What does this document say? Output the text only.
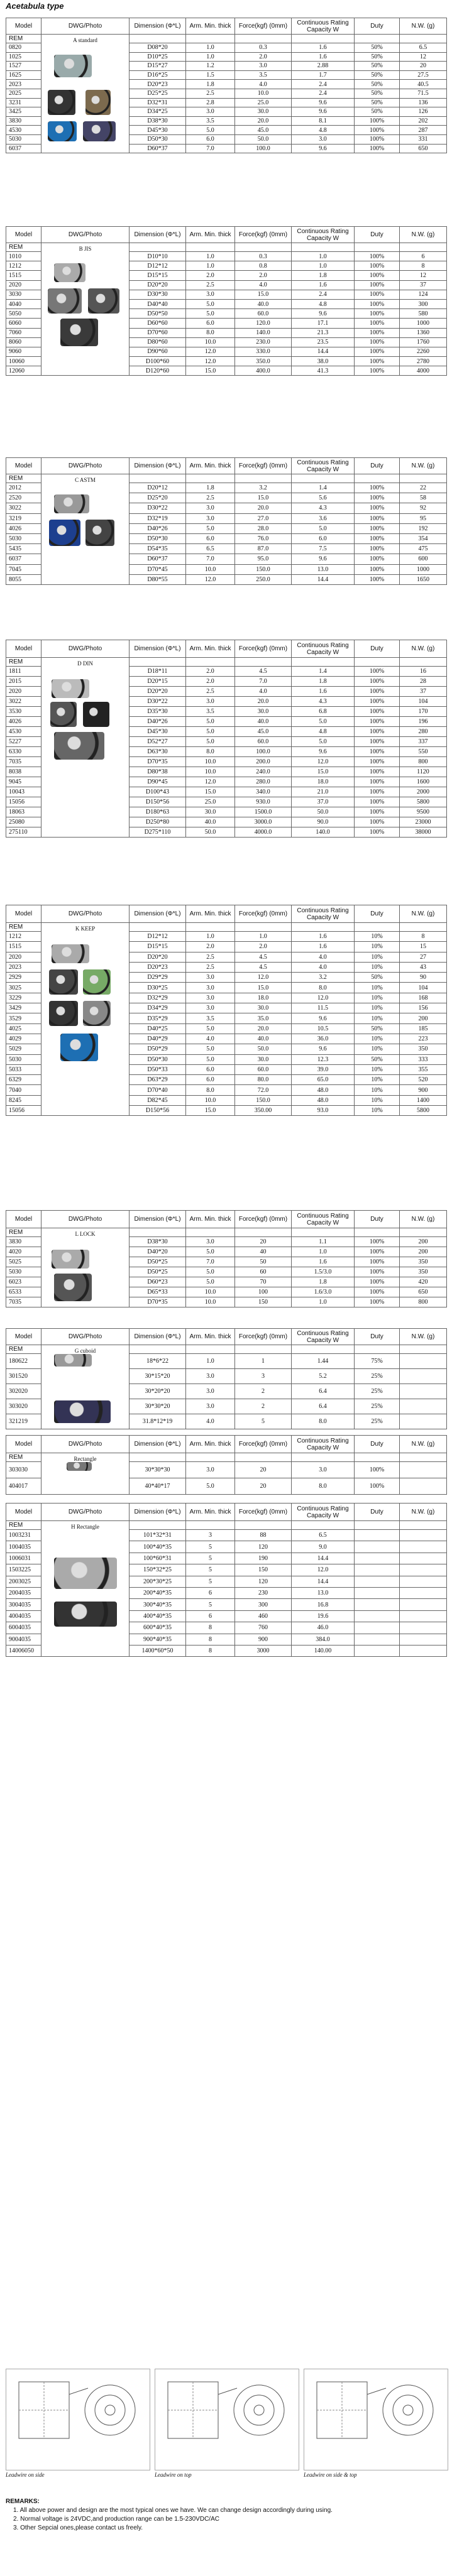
Acetabula type
Model	DWG/Photo	Dimension (Φ*L)	Arm. Min. thick	Force(kgf) (0mm)	Continuous Rating Capacity W	Duty	N.W. (g)
REM	A standard						

0820		D08*20	1.0	0.3	1.6	50%	6.5
1025		D10*25	1.0	2.0	1.6	50%	12
1527		D15*27	1.2	3.0	2.88	50%	20
1625		D16*25	1.5	3.5	1.7	50%	27.5
2023		D20*23	1.8	4.0	2.4	50%	40.5
2025		D25*25	2.5	10.0	2.4	50%	71.5
3231		D32*31	2.8	25.0	9.6	50%	136
3425		D34*25	3.0	30.0	9.6	50%	126
3830		D38*30	3.5	20.0	8.1	100%	202
4530		D45*30	5.0	45.0	4.8	100%	287
5030		D50*30	6.0	50.0	3.0	100%	331
6037		D60*37	7.0	100.0	9.6	100%	650
Model	DWG/Photo	Dimension (Φ*L)	Arm. Min. thick	Force(kgf) (0mm)	Continuous Rating Capacity W	Duty	N.W. (g)
REM	B JIS						

1010		D10*10	1.0	0.3	1.0	100%	6
1212		D12*12	1.0	0.8	1.0	100%	8
1515		D15*15	2.0	2.0	1.8	100%	12
2020		D20*20	2.5	4.0	1.6	100%	37
3030		D30*30	3.0	15.0	2.4	100%	124
4040		D40*40	5.0	40.0	4.8	100%	300
5050		D50*50	5.0	60.0	9.6	100%	580
6060		D60*60	6.0	120.0	17.1	100%	1000
7060		D70*60	8.0	140.0	21.3	100%	1360
8060		D80*60	10.0	230.0	23.5	100%	1760
9060		D90*60	12.0	330.0	14.4	100%	2260
10060		D100*60	12.0	350.0	38.0	100%	2780
12060		D120*60	15.0	400.0	41.3	100%	4000
Model	DWG/Photo	Dimension (Φ*L)	Arm. Min. thick	Force(kgf) (0mm)	Continuous Rating Capacity W	Duty	N.W. (g)
REM	C ASTM						

2012		D20*12	1.8	3.2	1.4	100%	22
2520		D25*20	2.5	15.0	5.6	100%	58
3022		D30*22	3.0	20.0	4.3	100%	92
3219		D32*19	3.0	27.0	3.6	100%	95
4026		D40*26	5.0	28.0	5.0	100%	192
5030		D50*30	6.0	76.0	6.0	100%	354
5435		D54*35	6.5	87.0	7.5	100%	475
6037		D60*37	7.0	95.0	9.6	100%	600
7045		D70*45	10.0	150.0	13.0	100%	1000
8055		D80*55	12.0	250.0	14.4	100%	1650
Model	DWG/Photo	Dimension (Φ*L)	Arm. Min. thick	Force(kgf) (0mm)	Continuous Rating Capacity W	Duty	N.W. (g)
REM	D DIN						

1811		D18*11	2.0	4.5	1.4	100%	16
2015		D20*15	2.0	7.0	1.8	100%	28
2020		D20*20	2.5	4.0	1.6	100%	37
3022		D30*22	3.0	20.0	4.3	100%	104
3530		D35*30	3.5	30.0	6.8	100%	170
4026		D40*26	5.0	40.0	5.0	100%	196
4530		D45*30	5.0	45.0	4.8	100%	280
5227		D52*27	5.0	60.0	5.0	100%	337
6330		D63*30	8.0	100.0	9.6	100%	550
7035		D70*35	10.0	200.0	12.0	100%	800
8038		D80*38	10.0	240.0	15.0	100%	1120
9045		D90*45	12.0	280.0	18.0	100%	1600
10043		D100*43	15.0	340.0	21.0	100%	2000
15056		D150*56	25.0	930.0	37.0	100%	5800
18063		D180*63	30.0	1500.0	50.0	100%	9500
25080		D250*80	40.0	3000.0	90.0	100%	23000
275110		D275*110	50.0	4000.0	140.0	100%	38000
Model	DWG/Photo	Dimension (Φ*L)	Arm. Min. thick	Force(kgf) (0mm)	Continuous Rating Capacity W	Duty	N.W. (g)
REM	K KEEP						

1212		D12*12	1.0	1.0	1.6	10%	8
1515		D15*15	2.0	2.0	1.6	10%	15
2020		D20*20	2.5	4.5	4.0	10%	27
2023		D20*23	2.5	4.5	4.0	10%	43
2929		D29*29	3.0	12.0	3.2	50%	90
3025		D30*25	3.0	15.0	8.0	10%	104
3229		D32*29	3.0	18.0	12.0	10%	168
3429		D34*29	3.0	30.0	11.5	10%	156
3529		D35*29	3.5	35.0	9.6	10%	200
4025		D40*25	5.0	20.0	10.5	50%	185
4029		D40*29	4.0	40.0	36.0	10%	223
5029		D50*29	5.0	50.0	9.6	10%	350
5030		D50*30	5.0	30.0	12.3	50%	333
5033		D50*33	6.0	60.0	39.0	10%	355
6329		D63*29	6.0	80.0	65.0	10%	520
7040		D70*40	8.0	72.0	48.0	10%	900
8245		D82*45	10.0	150.0	48.0	10%	1400
15056		D150*56	15.0	350.00	93.0	10%	5800
Model	DWG/Photo	Dimension (Φ*L)	Arm. Min. thick	Force(kgf) (0mm)	Continuous Rating Capacity W	Duty	N.W. (g)
REM	L LOCK						

3830		D38*30	3.0	20	1.1	100%	200
4020		D40*20	5.0	40	1.0	100%	200
5025		D50*25	7.0	50	1.6	100%	350
5030		D50*25	5.0	60	1.5/3.0	100%	350
6023		D60*23	5.0	70	1.8	100%	420
6533		D65*33	10.0	100	1.6/3.0	100%	650
7035		D70*35	10.0	150	1.0	100%	800
Model	DWG/Photo	Dimension (Φ*L)	Arm. Min. thick	Force(kgf) (0mm)	Continuous Rating Capacity W	Duty	N.W. (g)
REM	G cuboid						

180622		18*6*22	1.0	1	1.44	75%	
301520		30*15*20	3.0	3	5.2	25%	
302020		30*20*20	3.0	2	6.4	25%	
303020		30*30*20	3.0	2	6.4	25%	
321219		31.8*12*19	4.0	5	8.0	25%	
Model	DWG/Photo	Dimension (Φ*L)	Arm. Min. thick	Force(kgf) (0mm)	Continuous Rating Capacity W	Duty	N.W. (g)
REM	Rectangle						

303030		30*30*30	3.0	20	3.0	100%	
404017		40*40*17	5.0	20	8.0	100%	
Model	DWG/Photo	Dimension (Φ*L)	Arm. Min. thick	Force(kgf) (0mm)	Continuous Rating Capacity W	Duty	N.W. (g)
REM	H Rectangle						

1003231		101*32*31	3	88	6.5		
1004035		100*40*35	5	120	9.0		
1006031		100*60*31	5	190	14.4		
1503225		150*32*25	5	150	12.0		
2003025		200*30*25	5	120	14.4		
2004035		200*40*35	6	230	13.0		
3004035		300*40*35	5	300	16.8		
4004035		400*40*35	6	460	19.6		
6004035		600*40*35	8	760	46.0		
9004035		900*40*35	8	900	384.0		
14006050		1400*60*50	8	3000	140.00		
Leadwire on side	Leadwire on top	Leadwire on side & top
REMARKS:
1. All above power and design are the most typical ones we have. We can change design accordingly during using.
2. Normal voltage is 24VDC,and production range can be 1.5-230VDC/AC
3. Other Sepcial ones,please contact us freely.
